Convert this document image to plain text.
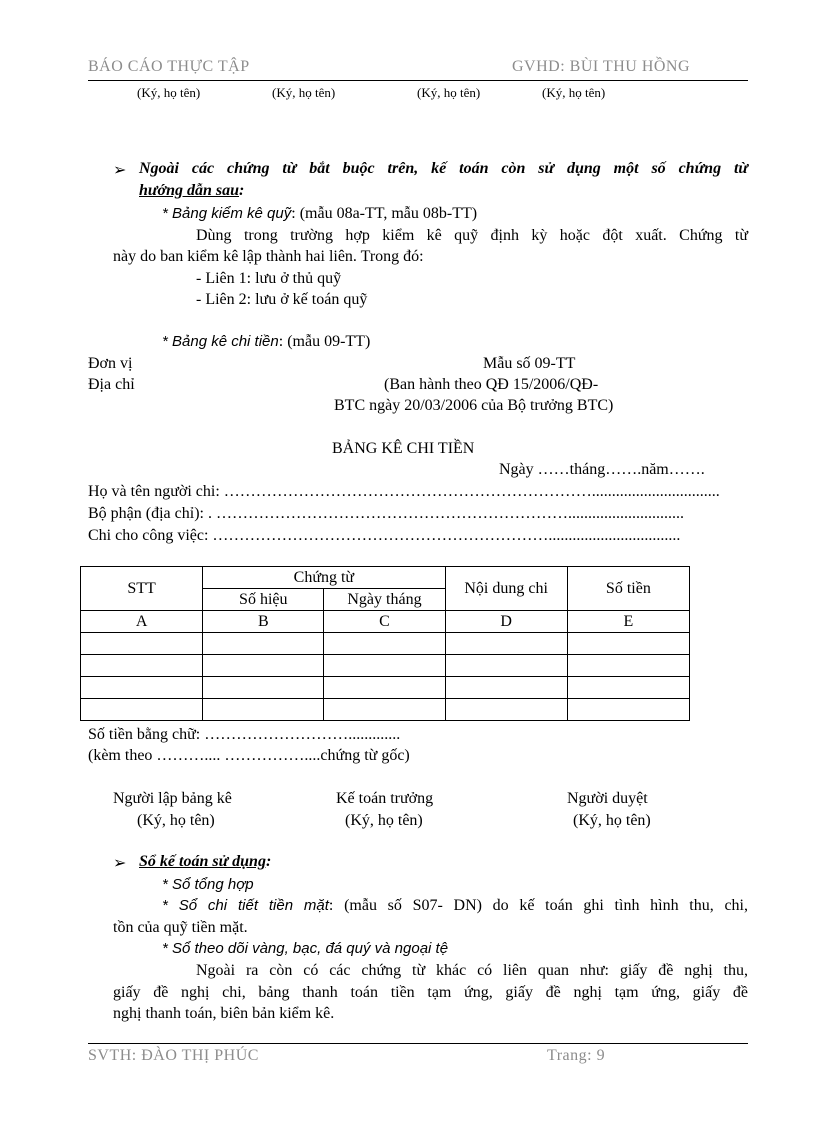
BÁO CÁO THỰC TẬP	GVHD: BÙI THU HỒNG
(Ký, họ tên)	(Ký, họ tên)	(Ký, họ tên)	(Ký, họ tên)
➢ Ngoài các chứng từ bắt buộc trên, kế toán còn sử dụng một số chứng từ
hướng dẫn sau:
* Bảng kiểm kê quỹ: (mẫu 08a-TT, mẫu 08b-TT)
Dùng trong trường hợp kiểm kê quỹ định kỳ hoặc đột xuất. Chứng từ
này do ban kiểm kê lập thành hai liên. Trong đó:
- Liên 1: lưu ở thủ quỹ
- Liên 2: lưu ở kế toán quỹ
* Bảng kê chi tiền: (mẫu 09-TT)
Đơn vị
Địa chỉ
Mẫu số 09-TT
(Ban hành theo QĐ 15/2006/QĐ-
BTC ngày 20/03/2006 của Bộ trưởng BTC)
BẢNG KÊ CHI TIỀN
Ngày ……tháng…….năm…….
Họ và tên người chi: ……………………………………………………………................................
Bộ phận (địa chỉ): . ………………………………………………………….............................
Chi cho công việc: ……………………………………………………….................................
STT	Chứng từ		Nội dung chi	Số tiền
	Số hiệu	Ngày tháng		
A	B	C	D	E

Số tiền bằng chữ: ……………………….............
(kèm theo ……….... ……………....chứng từ gốc)
Người lập bảng kê
(Ký, họ tên)
Kế toán trưởng
(Ký, họ tên)
Người duyệt
(Ký, họ tên)
➢ Sổ kế toán sử dụng:
* Sổ tổng hợp
* Sổ chi tiết tiền mặt: (mẫu số S07- DN) do kế toán ghi tình hình thu, chi,
tồn của quỹ tiền mặt.
* Sổ theo dõi vàng, bạc, đá quý và ngoại tệ
Ngoài ra còn có các chứng từ khác có liên quan như: giấy đề nghị thu,
giấy đề nghị chi, bảng thanh toán tiền tạm ứng, giấy đề nghị tạm ứng, giấy đề
nghị thanh toán, biên bản kiểm kê.
SVTH: ĐÀO THỊ PHÚC	Trang: 9
